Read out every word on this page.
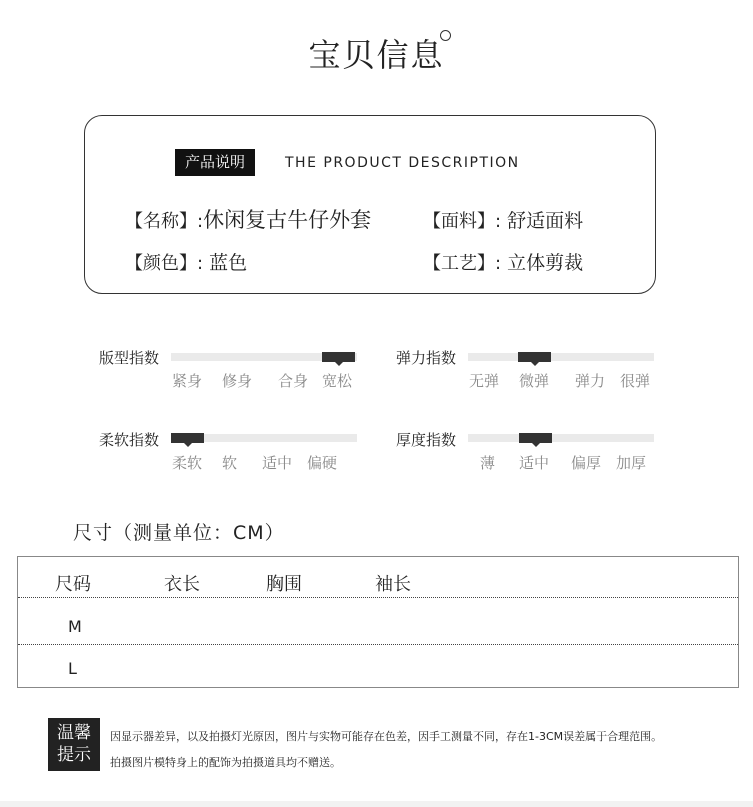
宝贝信息
产品说明	THE PRODUCT DESCRIPTION
【名称】:休闲复古牛仔外套	【面料】: 舒适面料
【颜色】: 蓝色	【工艺】: 立体剪裁
版型指数
紧身 修身 合身 宽松
弹力指数
无弹 微弹 弹力 很弹
柔软指数
柔软 软 适中 偏硬
厚度指数
薄 适中 偏厚 加厚
尺寸（测量单位：CM）
尺码	衣长	胸围	袖长
M
L
温馨
提示
因显示器差异，以及拍摄灯光原因，图片与实物可能存在色差，因手工测量不同，存在1-3CM误差属于合理范围。
拍摄图片模特身上的配饰为拍摄道具均不赠送。
